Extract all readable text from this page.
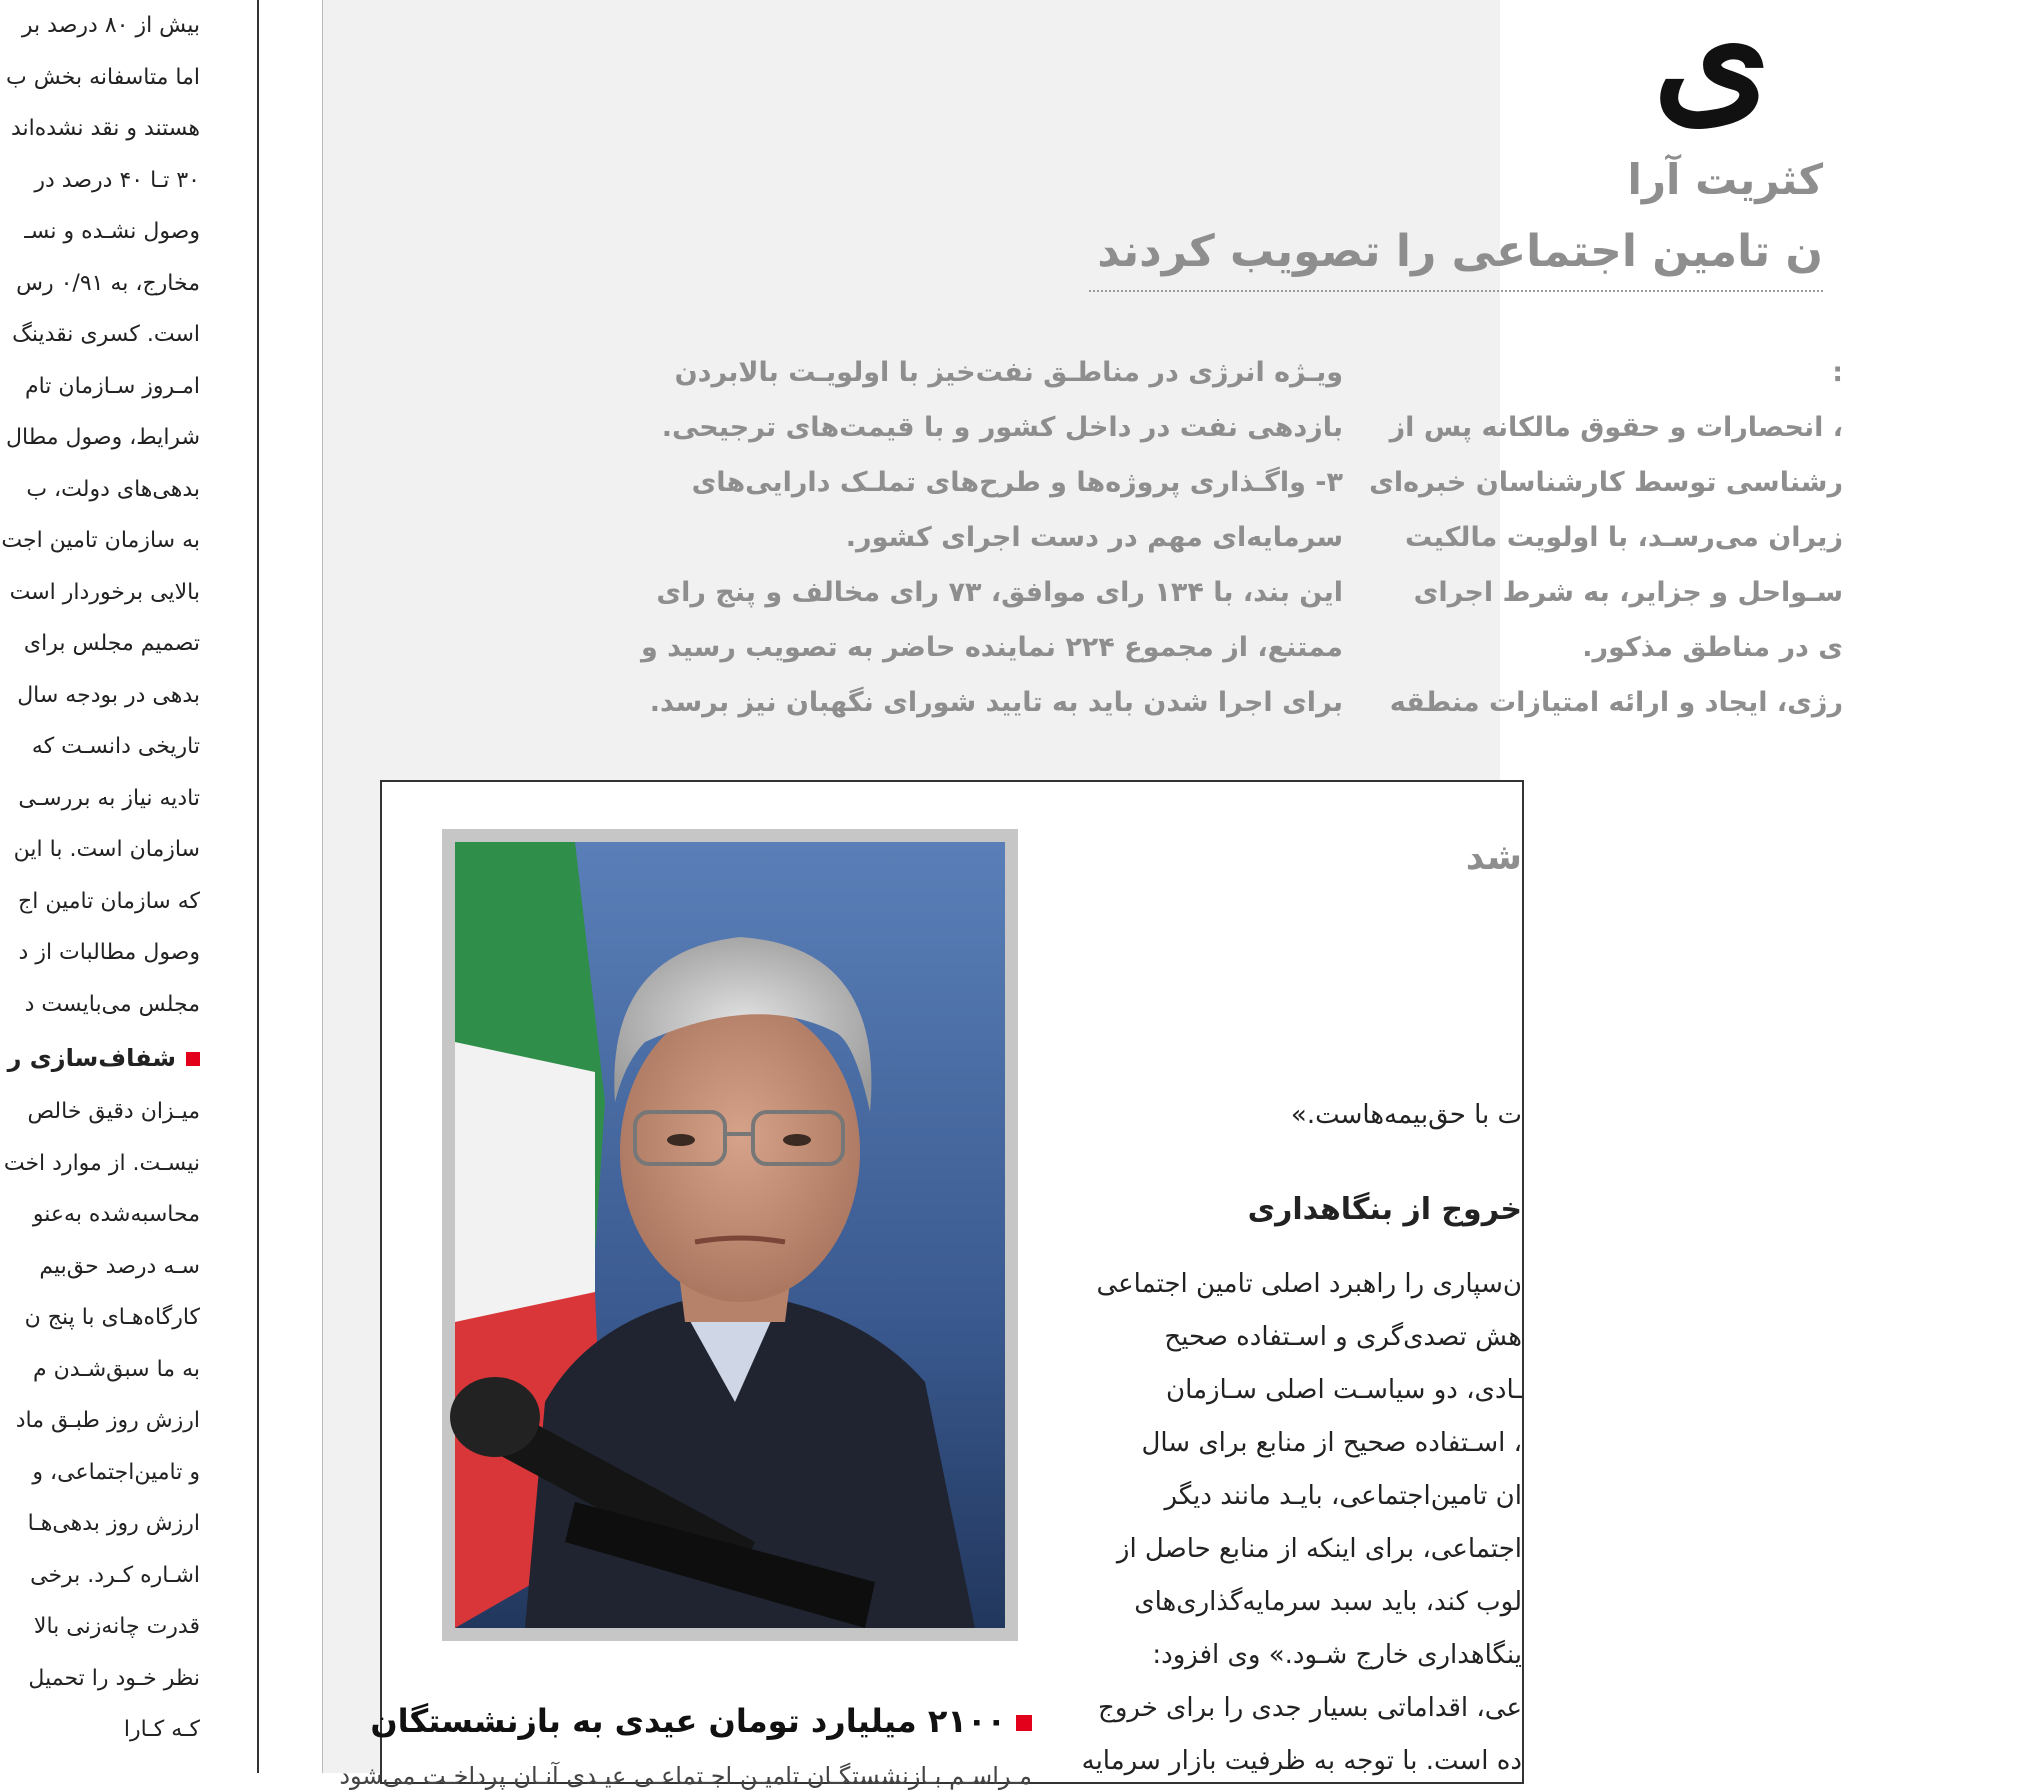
بیش از ۸۰ درصد بر

اما متاسفانه بخش ب

هستند و نقد نشده‌اند

۳۰ تـا ۴۰ درصد در

وصول نشـده و نسـ

مخارج، به ۰/۹۱ رس

است. کسری نقدینگ

امـروز سـازمان تام

شرایط، وصول مطال

بدهی‌های دولت، ب

به سازمان تامین اجت

بالایی برخوردار است

تصمیم مجلس برای

بدهی در بودجه سال

تاریخی دانسـت که

تادیه نیاز به بررسـی

سازمان است. با این

که سازمان تامین اج

وصول مطالبات از د

مجلس می‌بایست د

شفاف‌سازی ر

میـزان دقیق خالص

نیسـت. از موارد اخت

محاسبه‌شده به‌عنو

سـه درصد حق‌بیم

کارگاه‌هـای با پنج ن

به ما سبق‌شـدن م

ارزش روز طبـق ماد

و تامین‌اجتماعی، و

ارزش روز بدهی‌هـا

اشـاره کـرد. برخی

قدرت چانه‌زنی بالا

نظر خـود را تحمیل

کـه کـارا

ی
کثریت آرا
ن تامین اجتماعی را تصویب کردند

ویـژه انرژی در مناطـق نفت‌خیز با اولویـت بالابردن

بازدهی نفت در داخل کشور و با قیمت‌های ترجیحی.

۳- واگـذاری پروژه‌ها و طرح‌های تملـک دارایی‌های

سرمایه‌ای مهم در دست اجرای کشور.

این بند، با ۱۳۴ رای موافق، ۷۳ رای مخالف و پنج رای

ممتنع، از مجموع ۲۲۴ نماینده حاضر به تصویب رسید و

برای اجرا شدن باید به تایید شورای نگهبان نیز برسد.

:

، انحصارات و حقوق مالکانه پس از

رشناسی توسط کارشناسان خبره‌ای

زیران می‌رسـد، با اولویت مالکیت

سـواحل و جزایر، به شرط اجرای

ی در مناطق مذکور.

رژی، ایجاد و ارائه امتیازات منطقه

شد
ت با حق‌بیمه‌هاست.»
خروج از بنگاهداری

ن‌سپاری را راهبرد اصلی تامین اجتماعی

هش تصدی‌گری و اسـتفاده صحیح

ـادی، دو سیاسـت اصلی سـازمان

، اسـتفاده صحیح از منابع برای سال

ان تامین‌اجتماعی، بایـد مانند دیگر

اجتماعی، برای اینکه از منابع حاصل از

لوب کند، باید سبد سرمایه‌گذاری‌های

ینگاهداری خارج شـود.» وی افزود:

عی، اقداماتی بسیار جدی را برای خروج

ده است. با توجه به ظرفیت بازار سرمایه

۲۱۰۰ میلیارد تومان عیدی به بازنشستگان
مـراسـم بـازنشستگـان تامیـن اجـتماعـی عیـدی آنـان پرداخـت می‌شود
